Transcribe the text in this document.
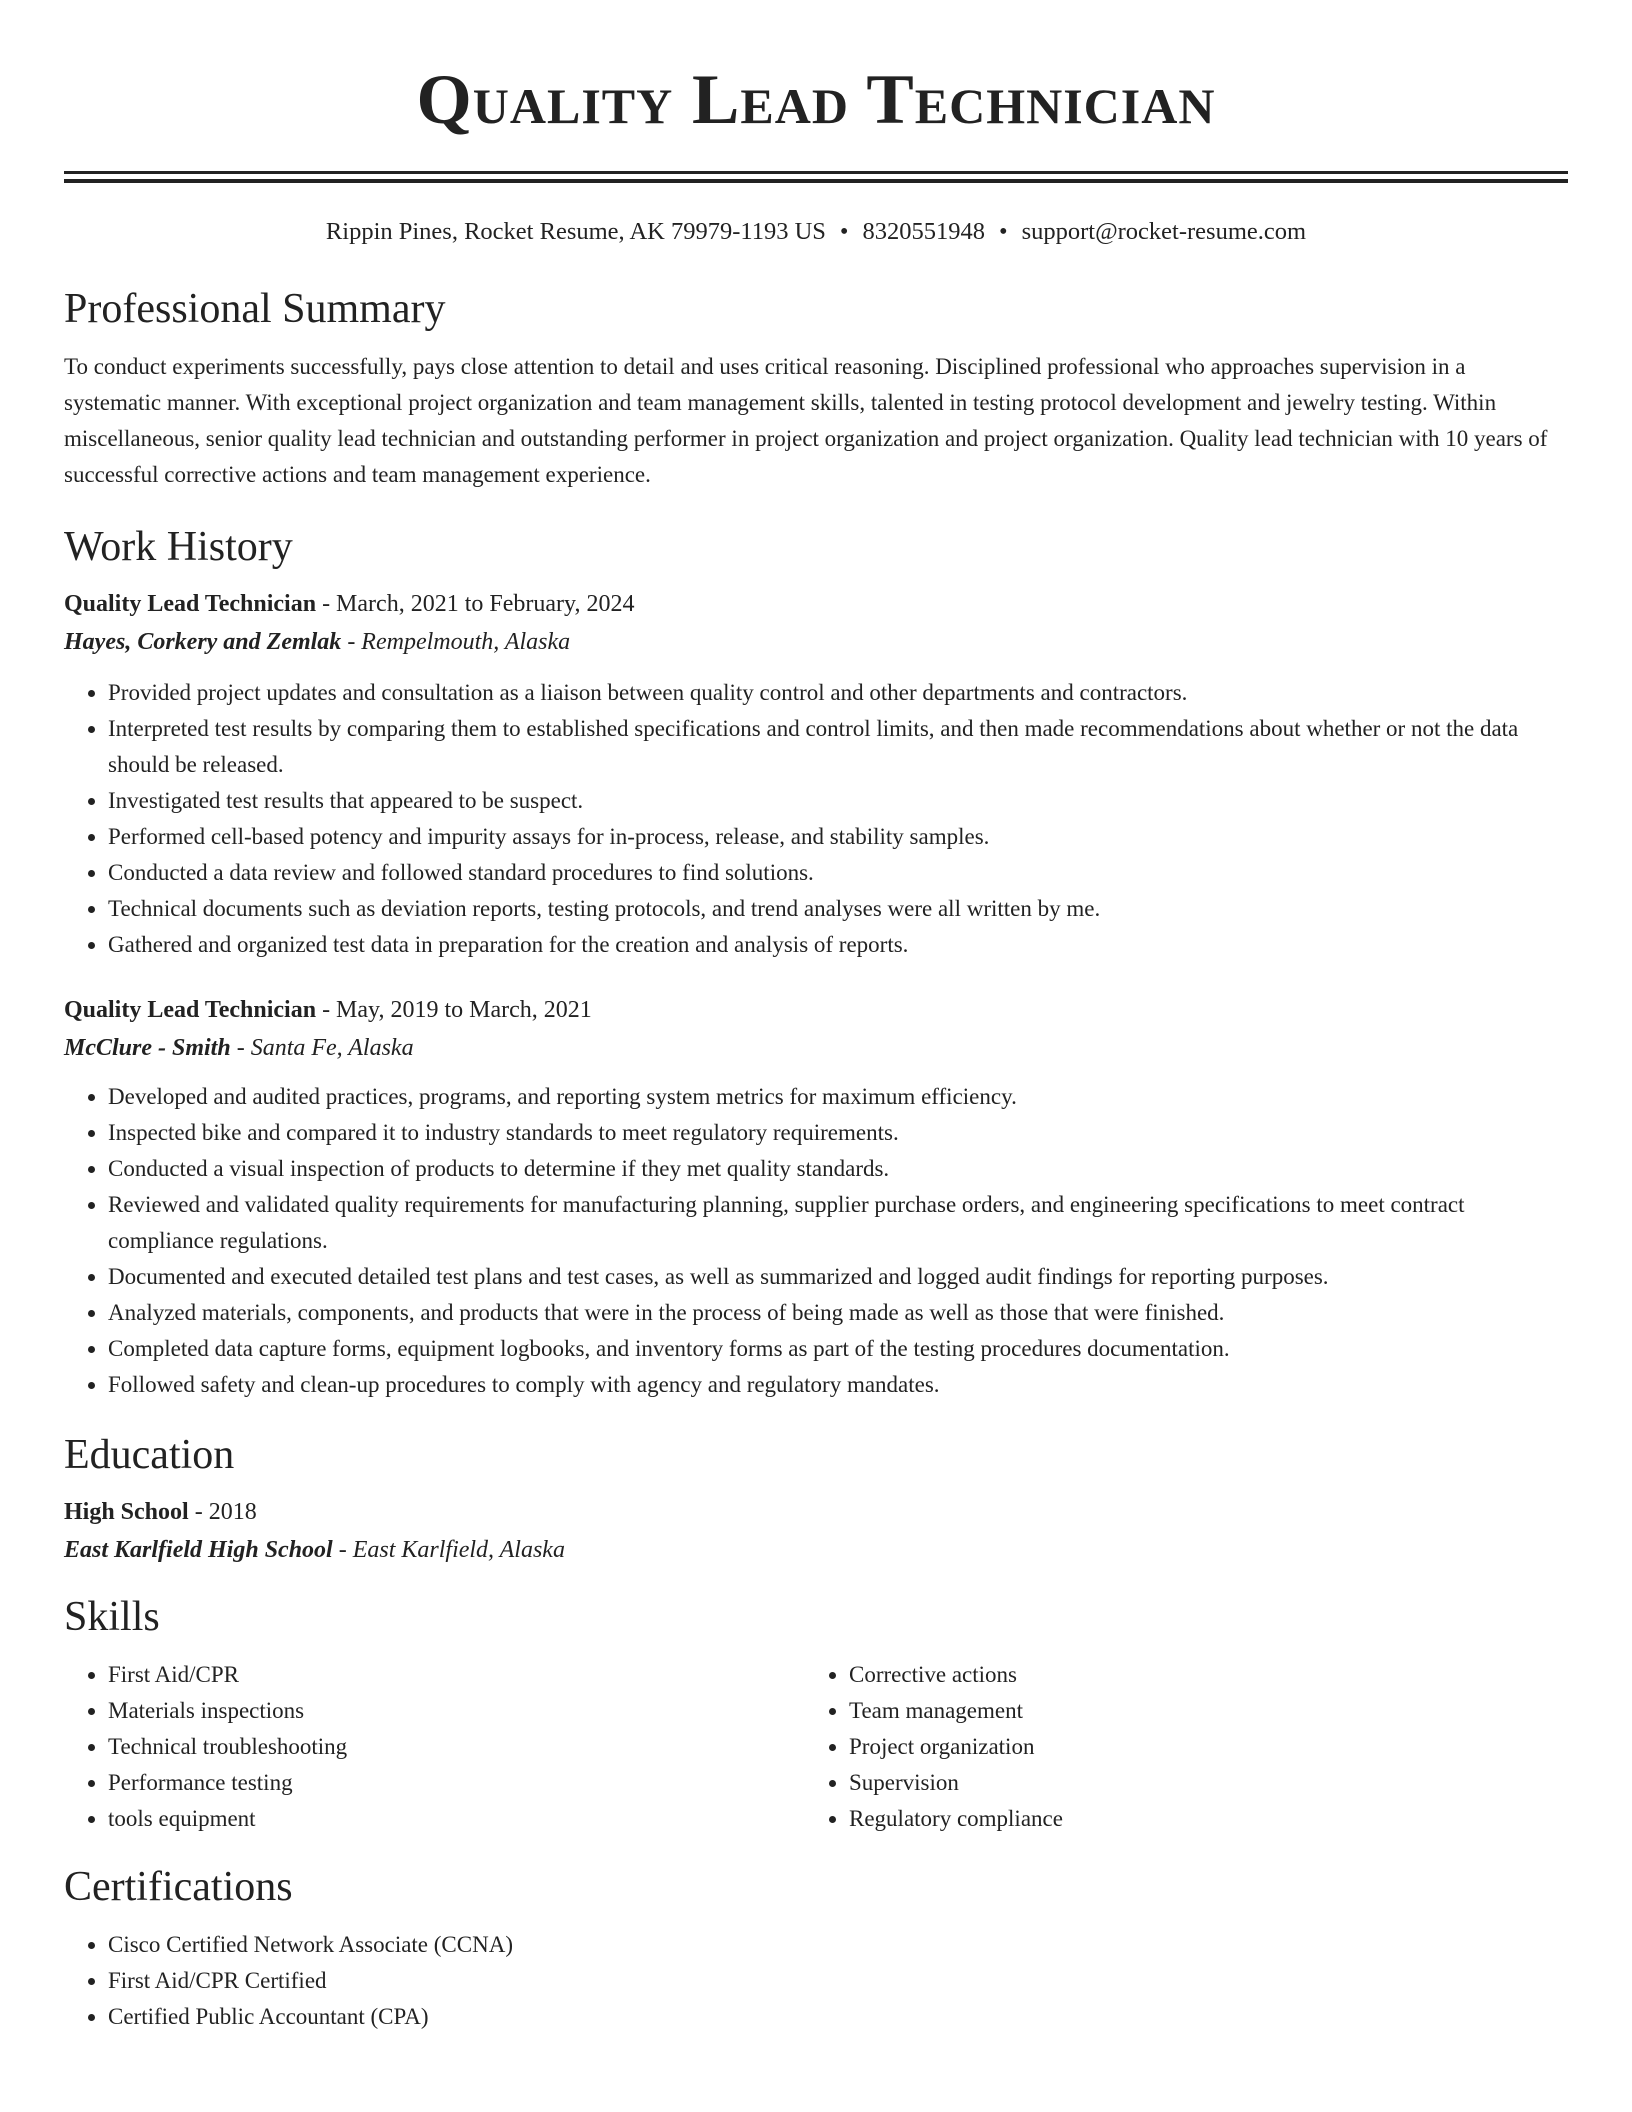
Quality Lead Technician
Rippin Pines, Rocket Resume, AK 79979-1193 US • 8320551948 • support@rocket-resume.com
Professional Summary

To conduct experiments successfully, pays close attention to detail and uses critical reasoning. Disciplined professional who approaches supervision in a systematic manner. With exceptional project organization and team management skills, talented in testing protocol development and jewelry testing. Within miscellaneous, senior quality lead technician and outstanding performer in project organization and project organization. Quality lead technician with 10 years of successful corrective actions and team management experience.

Work History
Quality Lead Technician - March, 2021 to February, 2024
Hayes, Corkery and Zemlak - Rempelmouth, Alaska
• Provided project updates and consultation as a liaison between quality control and other departments and contractors.
• Interpreted test results by comparing them to established specifications and control limits, and then made recommendations about whether or not the data should be released.
• Investigated test results that appeared to be suspect.
• Performed cell-based potency and impurity assays for in-process, release, and stability samples.
• Conducted a data review and followed standard procedures to find solutions.
• Technical documents such as deviation reports, testing protocols, and trend analyses were all written by me.
• Gathered and organized test data in preparation for the creation and analysis of reports.
Quality Lead Technician - May, 2019 to March, 2021
McClure - Smith - Santa Fe, Alaska
• Developed and audited practices, programs, and reporting system metrics for maximum efficiency.
• Inspected bike and compared it to industry standards to meet regulatory requirements.
• Conducted a visual inspection of products to determine if they met quality standards.
• Reviewed and validated quality requirements for manufacturing planning, supplier purchase orders, and engineering specifications to meet contract compliance regulations.
• Documented and executed detailed test plans and test cases, as well as summarized and logged audit findings for reporting purposes.
• Analyzed materials, components, and products that were in the process of being made as well as those that were finished.
• Completed data capture forms, equipment logbooks, and inventory forms as part of the testing procedures documentation.
• Followed safety and clean-up procedures to comply with agency and regulatory mandates.
Education
High School - 2018
East Karlfield High School - East Karlfield, Alaska
Skills
• First Aid/CPR
• Materials inspections
• Technical troubleshooting
• Performance testing
• tools equipment
• Corrective actions
• Team management
• Project organization
• Supervision
• Regulatory compliance
Certifications
• Cisco Certified Network Associate (CCNA)
• First Aid/CPR Certified
• Certified Public Accountant (CPA)
